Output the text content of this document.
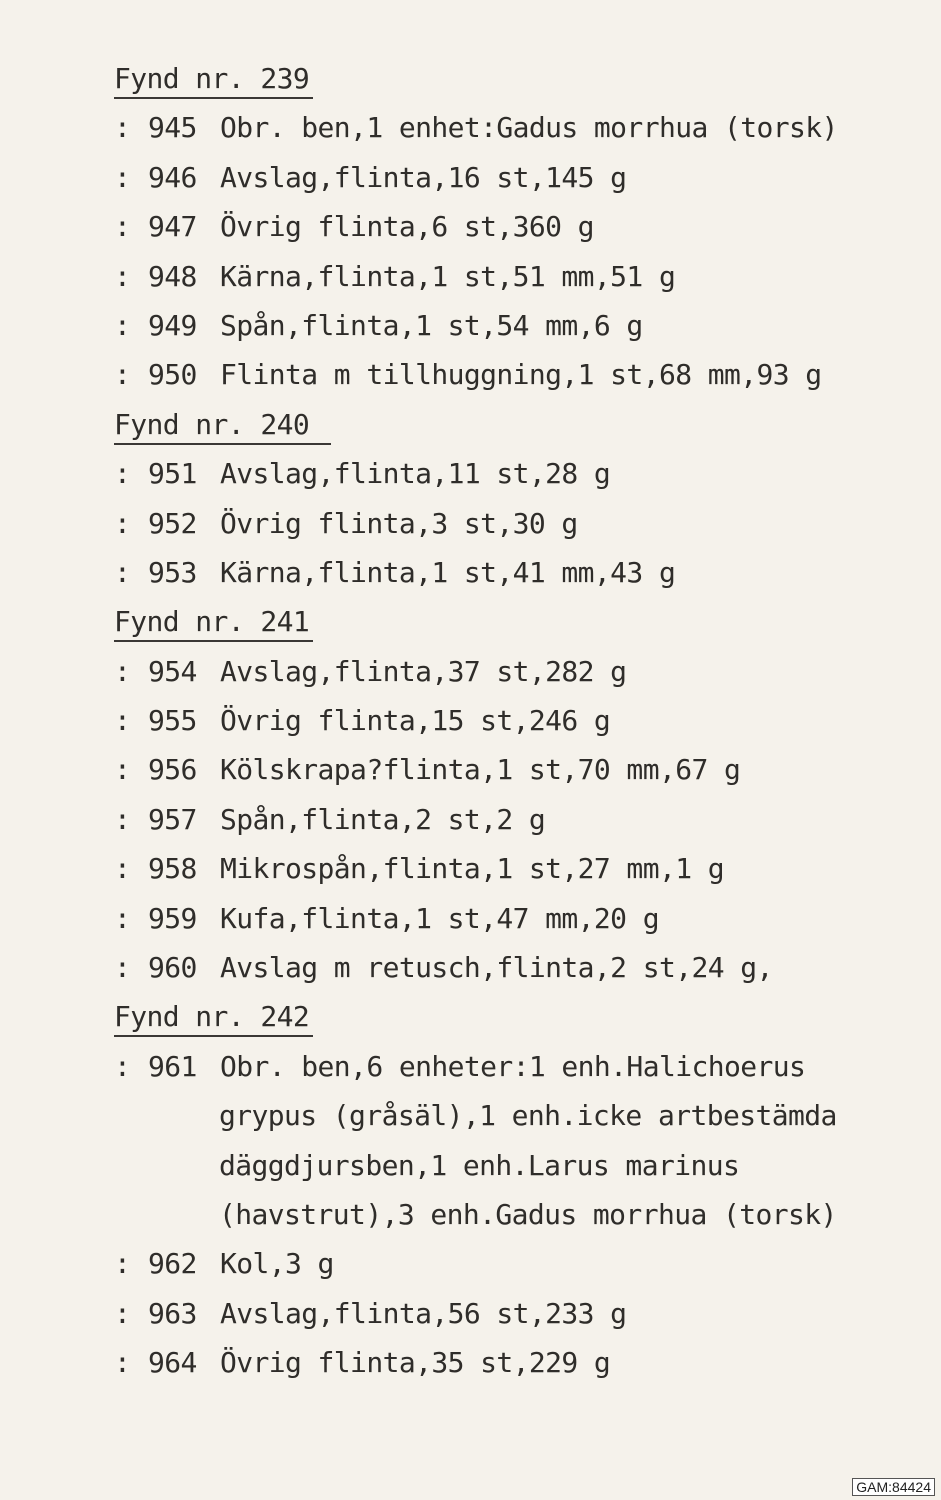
Fynd nr. 239
: 945 Obr. ben,1 enhet:Gadus morrhua (torsk)
: 946 Avslag,flinta,16 st,145 g
: 947 Övrig flinta,6 st,360 g
: 948 Kärna,flinta,1 st,51 mm,51 g
: 949 Spån,flinta,1 st,54 mm,6 g
: 950 Flinta m tillhuggning,1 st,68 mm,93 g
Fynd nr. 240
: 951 Avslag,flinta,11 st,28 g
: 952 Övrig flinta,3 st,30 g
: 953 Kärna,flinta,1 st,41 mm,43 g
Fynd nr. 241
: 954 Avslag,flinta,37 st,282 g
: 955 Övrig flinta,15 st,246 g
: 956 Kölskrapa?flinta,1 st,70 mm,67 g
: 957 Spån,flinta,2 st,2 g
: 958 Mikrospån,flinta,1 st,27 mm,1 g
: 959 Kufa,flinta,1 st,47 mm,20 g
: 960 Avslag m retusch,flinta,2 st,24 g,
Fynd nr. 242
: 961 Obr. ben,6 enheter:1 enh.Halichoerus
grypus (gråsäl),1 enh.icke artbestämda
däggdjursben,1 enh.Larus marinus
(havstrut),3 enh.Gadus morrhua (torsk)
: 962 Kol,3 g
: 963 Avslag,flinta,56 st,233 g
: 964 Övrig flinta,35 st,229 g
GAM:84424
